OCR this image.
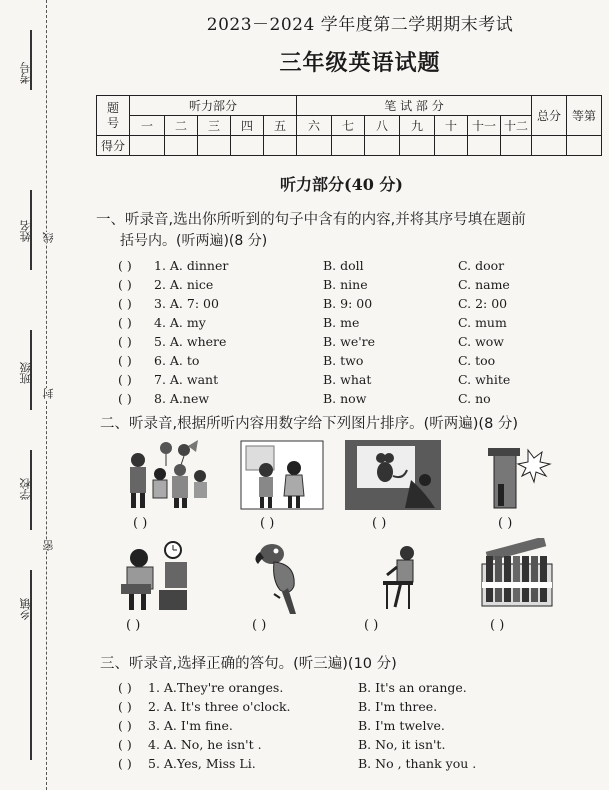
考号
姓名
班级
学校
乡镇
线
封
密
2023－2024 学年度第二学期期末考试
三年级英语试题
题
号	听力部分					笔 试 部 分							总分	等第
	一	二	三	四	五	六	七	八	九	十	十一	十二		
得分														
听力部分(40 分)
一、听录音,选出你所听到的句子中含有的内容,并将其序号填在题前
括号内。(听两遍)(8 分)
( ) 1. A. dinner	B. doll	C. door
( ) 2. A. nice	B. nine	C. name
( ) 3. A. 7: 00	B. 9: 00	C. 2: 00
( ) 4. A. my	B. me	C. mum
( ) 5. A. where	B. we're	C. wow
( ) 6. A. to	B. two	C. too
( ) 7. A. want	B. what	C. white
( ) 8. A.new	B. now	C. no
二、听录音,根据所听内容用数字给下列图片排序。(听两遍)(8 分)
( )	( )	( )	( )
( )	( )	( )	( )
三、听录音,选择正确的答句。(听三遍)(10 分)
( ) 1. A.They're oranges.	B. It's an orange.
( ) 2. A. It's three o'clock.	B. I'm three.
( ) 3. A. I'm fine.	B. I'm twelve.
( ) 4. A. No, he isn't .	B. No, it isn't.
( ) 5. A.Yes, Miss Li.	B. No , thank you .
